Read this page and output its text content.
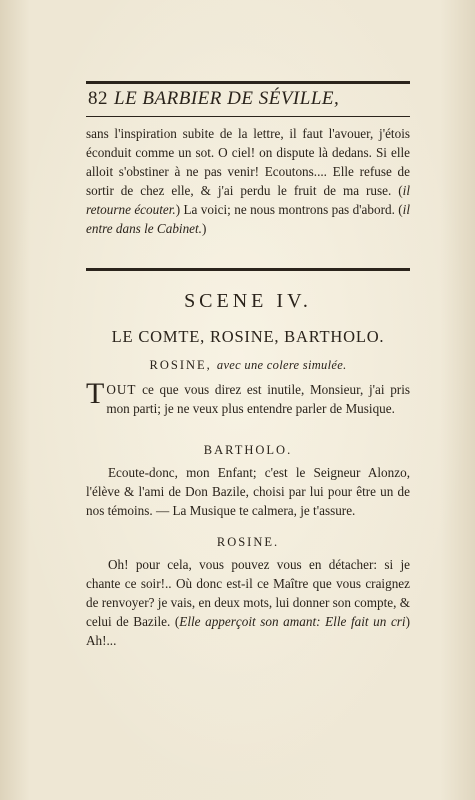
82 LE BARBIER DE SÉVILLE,
sans l'inspiration subite de la lettre, il faut l'avouer, j'étois éconduit comme un sot. O ciel! on dispute là dedans. Si elle alloit s'obstiner à ne pas venir! Ecoutons.... Elle refuse de sortir de chez elle, & j'ai perdu le fruit de ma ruse. (il retourne écouter.) La voici; ne nous montrons pas d'abord. (il entre dans le Cabinet.)
SCENE IV.
LE COMTE, ROSINE, BARTHOLO.
ROSINE, avec une colere simulée.
TOUT ce que vous direz est inutile, Monsieur, j'ai pris mon parti; je ne veux plus entendre parler de Musique.
BARTHOLO.
Ecoute-donc, mon Enfant; c'est le Seigneur Alonzo, l'élève & l'ami de Don Bazile, choisi par lui pour être un de nos témoins. — La Musique te calmera, je t'assure.
ROSINE.
Oh! pour cela, vous pouvez vous en détacher: si je chante ce soir!.. Où donc est-il ce Maître que vous craignez de renvoyer? je vais, en deux mots, lui donner son compte, & celui de Bazile. (Elle apperçoit son amant: Elle fait un cri) Ah!...
